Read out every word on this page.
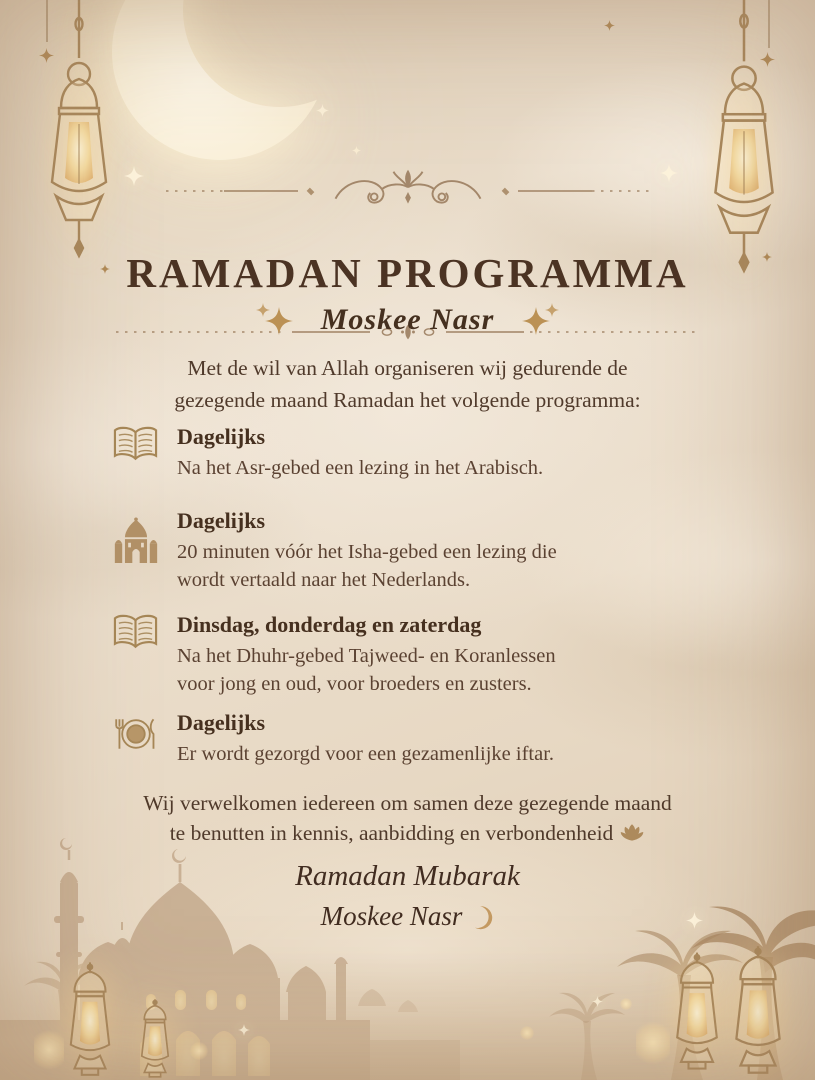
RAMADAN PROGRAMMA
Moskee Nasr
Met de wil van Allah organiseren wij gedurende de
gezegende maand Ramadan het volgende programma:
Dagelijks
Na het Asr-gebed een lezing in het Arabisch.
Dagelijks
20 minuten vóór het Isha-gebed een lezing die
wordt vertaald naar het Nederlands.
Dinsdag, donderdag en zaterdag
Na het Dhuhr-gebed Tajweed- en Koranlessen
voor jong en oud, voor broeders en zusters.
Dagelijks
Er wordt gezorgd voor een gezamenlijke iftar.
Wij verwelkomen iedereen om samen deze gezegende maand
te benutten in kennis, aanbidding en verbondenheid
Ramadan Mubarak
Moskee Nasr
